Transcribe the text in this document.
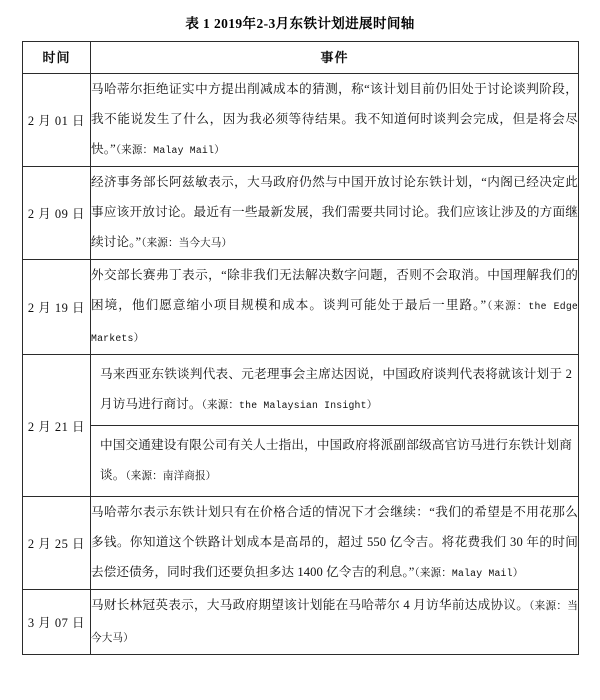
表 1 2019年2-3月东铁计划进展时间轴
时间	事件
2 月 01 日	马哈蒂尔拒绝证实中方提出削减成本的猜测，称“该计划目前仍旧处于讨论谈判阶段，我不能说发生了什么，因为我必须等待结果。我不知道何时谈判会完成，但是将会尽快。”（来源：Malay Mail）
2 月 09 日	经济事务部长阿兹敏表示，大马政府仍然与中国开放讨论东铁计划，“内阁已经决定此事应该开放讨论。最近有一些最新发展，我们需要共同讨论。我们应该让涉及的方面继续讨论。”（来源：当今大马）
2 月 19 日	外交部长赛弗丁表示，“除非我们无法解决数字问题，否则不会取消。中国理解我们的困境，他们愿意缩小项目规模和成本。谈判可能处于最后一里路。”（来源：the Edge Markets）
2 月 21 日	马来西亚东铁谈判代表、元老理事会主席达因说，中国政府谈判代表将就该计划于 2 月访马进行商讨。（来源：the Malaysian Insight）
中国交通建设有限公司有关人士指出，中国政府将派副部级高官访马进行东铁计划商谈。（来源：南洋商报）

2 月 25 日	马哈蒂尔表示东铁计划只有在价格合适的情况下才会继续：“我们的希望是不用花那么多钱。你知道这个铁路计划成本是高昂的，超过 550 亿令吉。将花费我们 30 年的时间去偿还债务，同时我们还要负担多达 1400 亿令吉的利息。”（来源：Malay Mail）
3 月 07 日	马财长林冠英表示，大马政府期望该计划能在马哈蒂尔 4 月访华前达成协议。（来源：当今大马）
